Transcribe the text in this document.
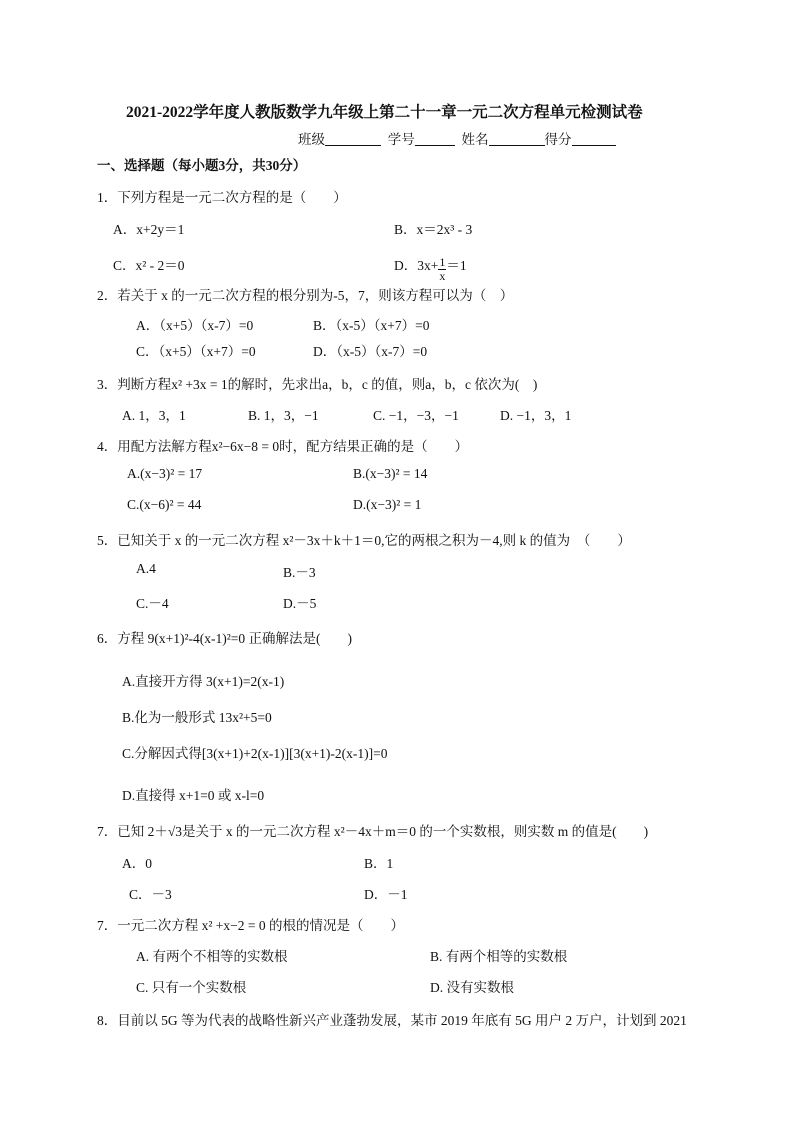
2021-2022学年度人教版数学九年级上第二十一章一元二次方程单元检测试卷
班级	学号	姓名	得分
一、选择题（每小题3分，共30分）
1．下列方程是一元二次方程的是（　　）
A．x+2y＝1	B．x＝2x³ - 3
C．x² - 2＝0	D．$3x+ \frac{1}{x} =1$
2．若关于 x 的一元二次方程的根分别为-5，7，则该方程可以为（　）
A．（x+5）（x-7）=0	B．（x-5）（x+7）=0
C．（x+5）（x+7）=0	D．（x-5）（x-7）=0
3．判断方程x² +3x = 1的解时，先求出a，b，c 的值，则a，b，c 依次为(　)
A. 1，3，1	B. 1，3，−1	C. −1，−3，−1	D. −1，3，1
4．用配方法解方程x²−6x−8 = 0时，配方结果正确的是（　　）
A.(x−3)² = 17	B.(x−3)² = 14
C.(x−6)² = 44	D.(x−3)² = 1
5．已知关于 x 的一元二次方程 x²－3x＋k＋1＝0,它的两根之积为－4,则 k 的值为　（　　）
A.4	B.－3
C.－4	D.－5
6．方程 9(x+1)²-4(x-1)²=0 正确解法是(　　)
A.直接开方得 3(x+1)=2(x-1)
B.化为一般形式 13x²+5=0
C.分解因式得[3(x+1)+2(x-1)][3(x+1)-2(x-1)]=0
D.直接得 x+1=0 或 x-l=0
7．已知 2＋√3是关于 x 的一元二次方程 x²－4x＋m＝0 的一个实数根，则实数 m 的值是(　　)
A．0	B．1
C．－3	D．－1
7．一元二次方程 x² +x−2 = 0 的根的情况是（　　）
A. 有两个不相等的实数根	B. 有两个相等的实数根
C. 只有一个实数根	D. 没有实数根
8．目前以 5G 等为代表的战略性新兴产业蓬勃发展，某市 2019 年底有 5G 用户 2 万户，计划到 2021
